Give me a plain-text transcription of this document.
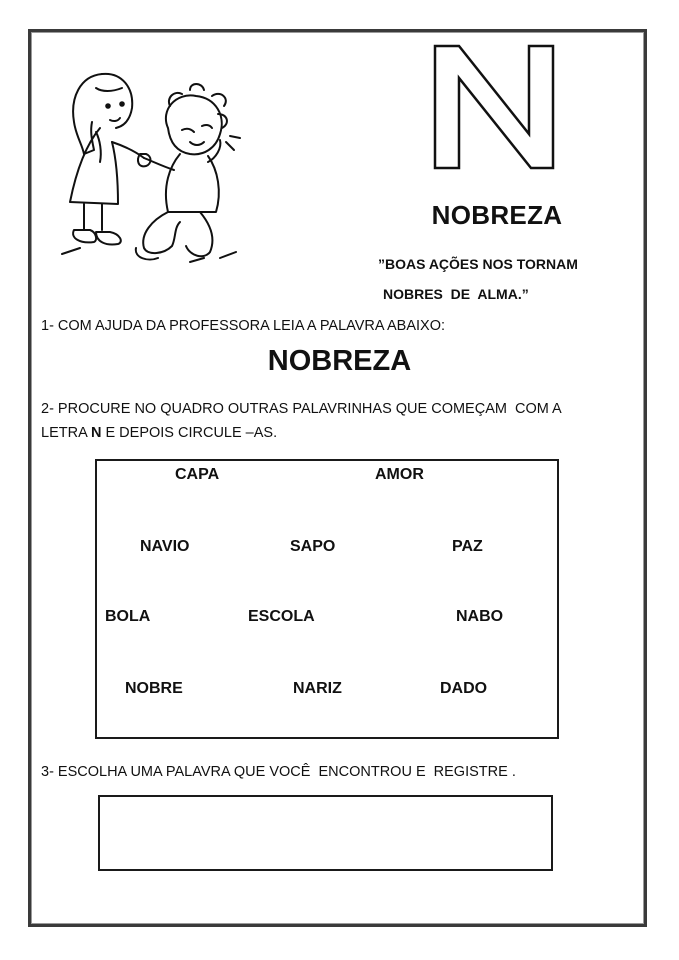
NOBREZA
”BOAS AÇÕES NOS TORNAM
NOBRES  DE  ALMA.”
1- COM AJUDA DA PROFESSORA LEIA A PALAVRA ABAIXO:
NOBREZA
2- PROCURE NO QUADRO OUTRAS PALAVRINHAS QUE COMEÇAM  COM A
LETRA N E DEPOIS CIRCULE –AS.
CAPA	AMOR
NAVIO	SAPO	PAZ
BOLA	ESCOLA	NABO
NOBRE	NARIZ	DADO
3- ESCOLHA UMA PALAVRA QUE VOCÊ  ENCONTROU E  REGISTRE .
